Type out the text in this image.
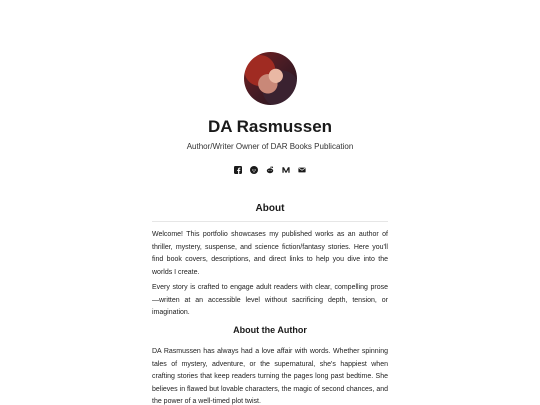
DA Rasmussen
Author/Writer Owner of DAR Books Publication
About

Welcome! This portfolio showcases my published works as an author of thriller, mystery, suspense, and science fiction/fantasy stories. Here you'll find book covers, descriptions, and direct links to help you dive into the worlds I create.

Every story is crafted to engage adult readers with clear, compelling prose—written at an accessible level without sacrificing depth, tension, or imagination.

About the Author

DA Rasmussen has always had a love affair with words. Whether spinning tales of mystery, adventure, or the supernatural, she's happiest when crafting stories that keep readers turning the pages long past bedtime. She believes in flawed but lovable characters, the magic of second chances, and the power of a well-timed plot twist.
